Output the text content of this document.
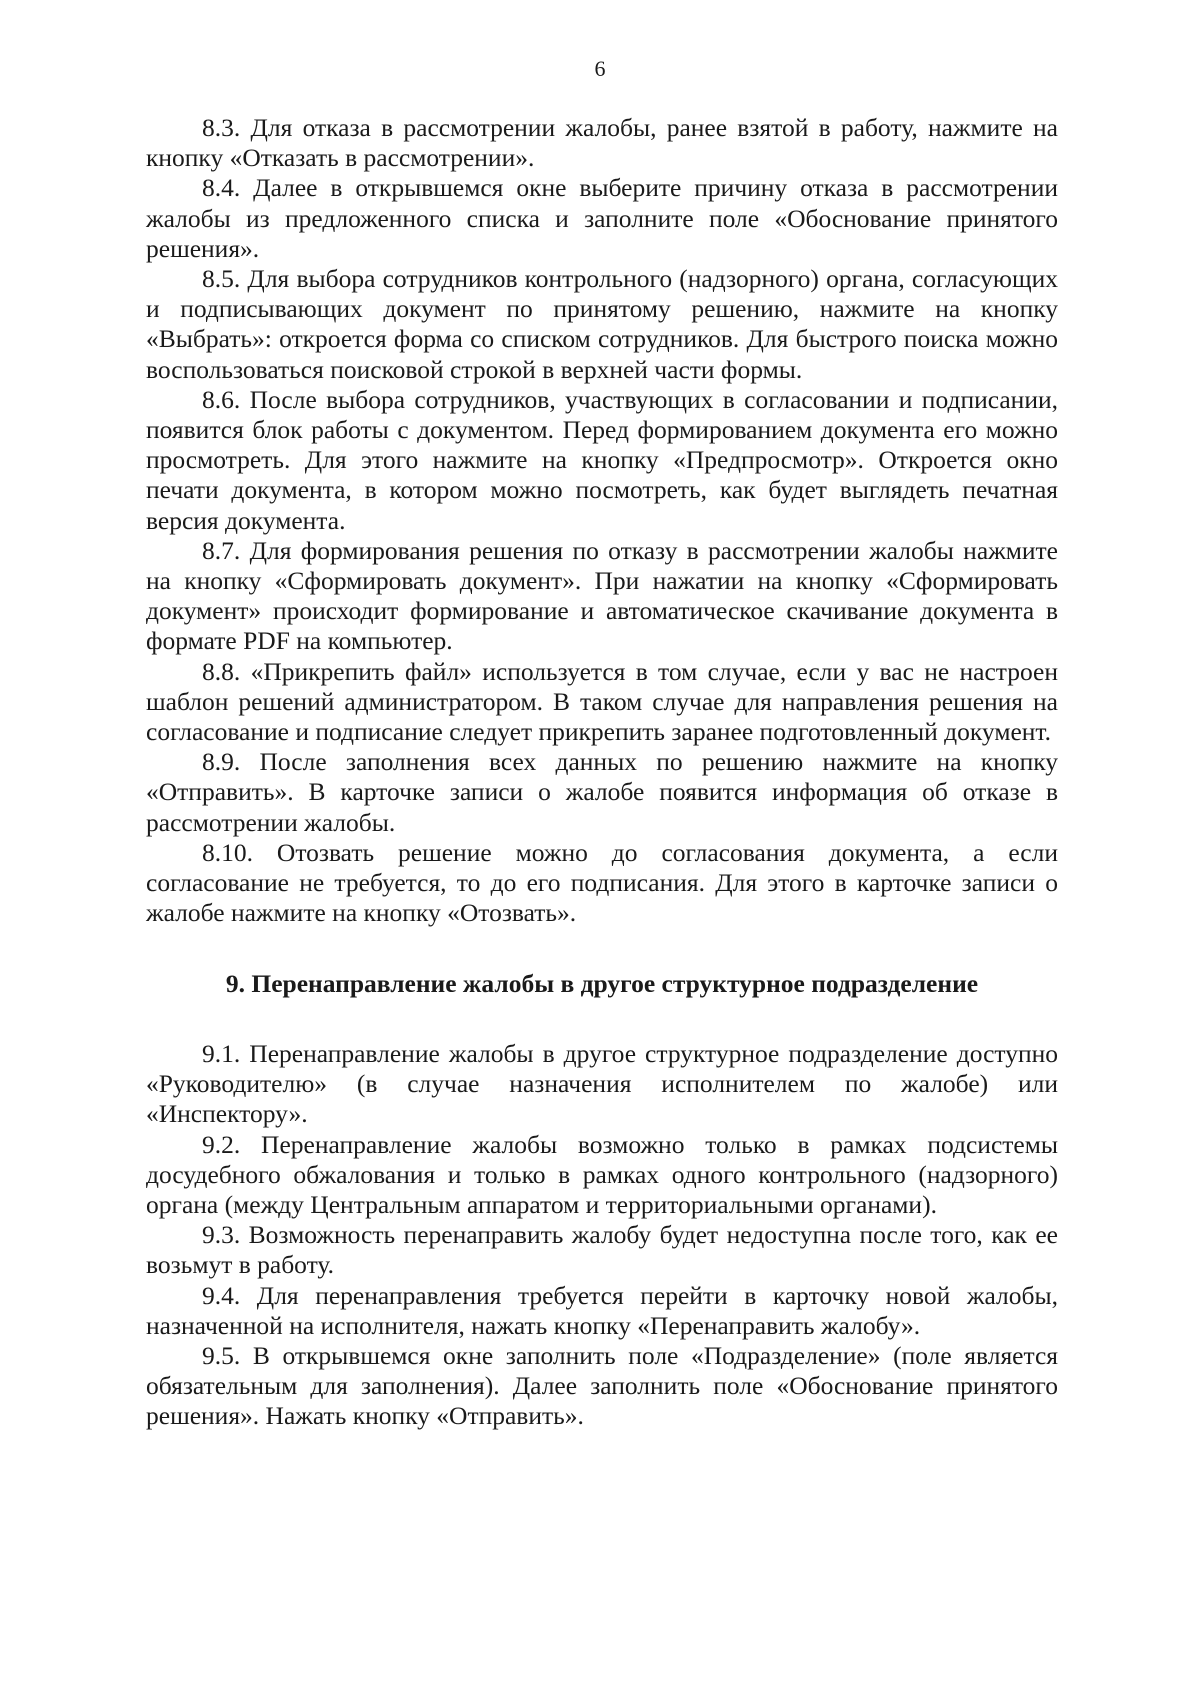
6

8.3. Для отказа в рассмотрении жалобы, ранее взятой в работу, нажмите на кнопку «Отказать в рассмотрении».

8.4. Далее в открывшемся окне выберите причину отказа в рассмотрении жалобы из предложенного списка и заполните поле «Обоснование принятого решения».

8.5. Для выбора сотрудников контрольного (надзорного) органа, согласующих и подписывающих документ по принятому решению, нажмите на кнопку «Выбрать»: откроется форма со списком сотрудников. Для быстрого поиска можно воспользоваться поисковой строкой в верхней части формы.

8.6. После выбора сотрудников, участвующих в согласовании и подписании, появится блок работы с документом. Перед формированием документа его можно просмотреть. Для этого нажмите на кнопку «Предпросмотр». Откроется окно печати документа, в котором можно посмотреть, как будет выглядеть печатная версия документа.

8.7. Для формирования решения по отказу в рассмотрении жалобы нажмите на кнопку «Сформировать документ». При нажатии на кнопку «Сформировать документ» происходит формирование и автоматическое скачивание документа в формате PDF на компьютер.

8.8. «Прикрепить файл» используется в том случае, если у вас не настроен шаблон решений администратором. В таком случае для направления решения на согласование и подписание следует прикрепить заранее подготовленный документ.

8.9. После заполнения всех данных по решению нажмите на кнопку «Отправить». В карточке записи о жалобе появится информация об отказе в рассмотрении жалобы.

8.10. Отозвать решение можно до согласования документа, а если согласование не требуется, то до его подписания. Для этого в карточке записи о жалобе нажмите на кнопку «Отозвать».

9. Перенаправление жалобы в другое структурное подразделение

9.1. Перенаправление жалобы в другое структурное подразделение доступно «Руководителю» (в случае назначения исполнителем по жалобе) или «Инспектору».

9.2. Перенаправление жалобы возможно только в рамках подсистемы досудебного обжалования и только в рамках одного контрольного (надзорного) органа (между Центральным аппаратом и территориальными органами).

9.3. Возможность перенаправить жалобу будет недоступна после того, как ее возьмут в работу.

9.4. Для перенаправления требуется перейти в карточку новой жалобы, назначенной на исполнителя, нажать кнопку «Перенаправить жалобу».

9.5. В открывшемся окне заполнить поле «Подразделение» (поле является обязательным для заполнения). Далее заполнить поле «Обоснование принятого решения». Нажать кнопку «Отправить».
